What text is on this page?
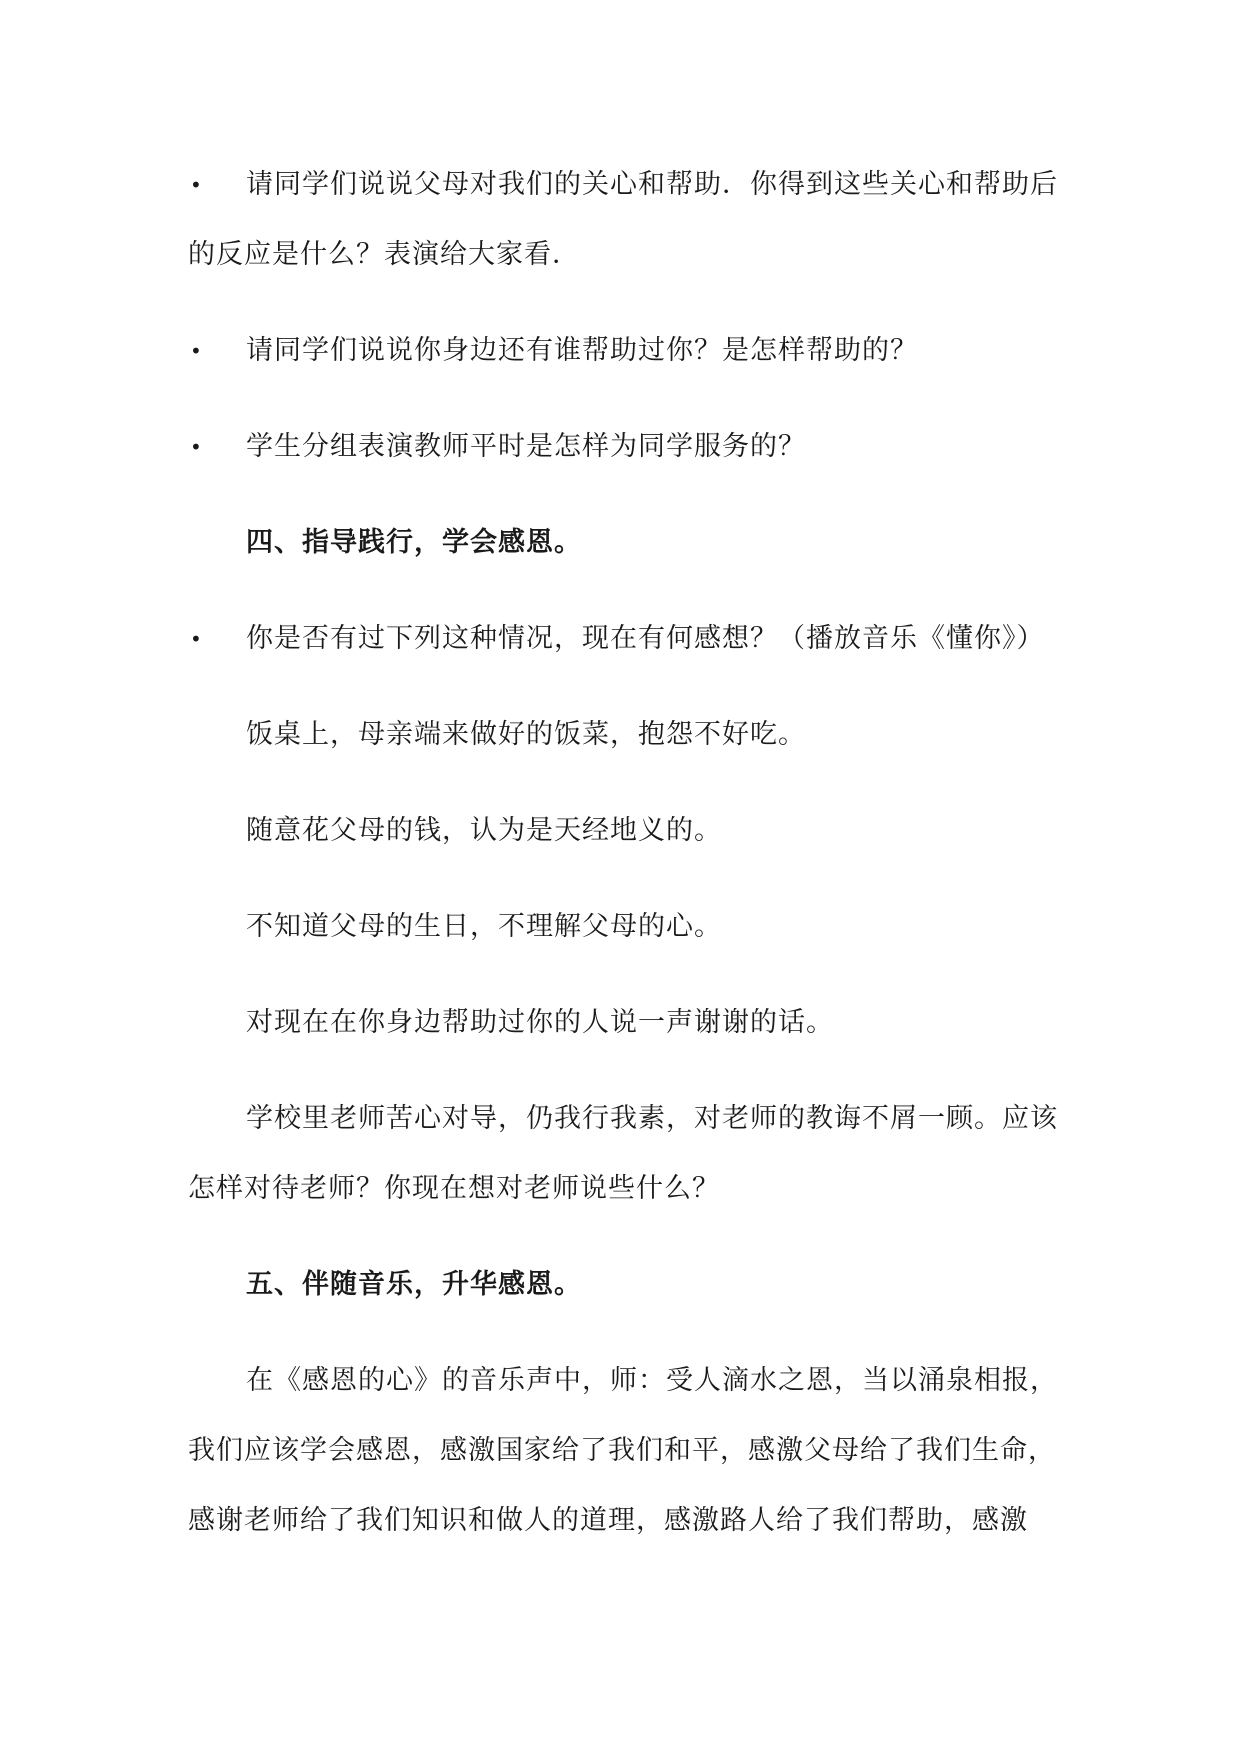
• 请同学们说说父母对我们的关心和帮助．你得到这些关心和帮助后的反应是什么？表演给大家看．

• 请同学们说说你身边还有谁帮助过你？是怎样帮助的？

• 学生分组表演教师平时是怎样为同学服务的？

四、指导践行，学会感恩。

• 你是否有过下列这种情况，现在有何感想？（播放音乐《懂你》）

饭桌上，母亲端来做好的饭菜，抱怨不好吃。

随意花父母的钱，认为是天经地义的。

不知道父母的生日，不理解父母的心。

对现在在你身边帮助过你的人说一声谢谢的话。

学校里老师苦心对导，仍我行我素，对老师的教诲不屑一顾。应该怎样对待老师？你现在想对老师说些什么？

五、伴随音乐，升华感恩。

在《感恩的心》的音乐声中，师：受人滴水之恩，当以涌泉相报，我们应该学会感恩，感激国家给了我们和平，感激父母给了我们生命，感谢老师给了我们知识和做人的道理，感激路人给了我们帮助，感激
